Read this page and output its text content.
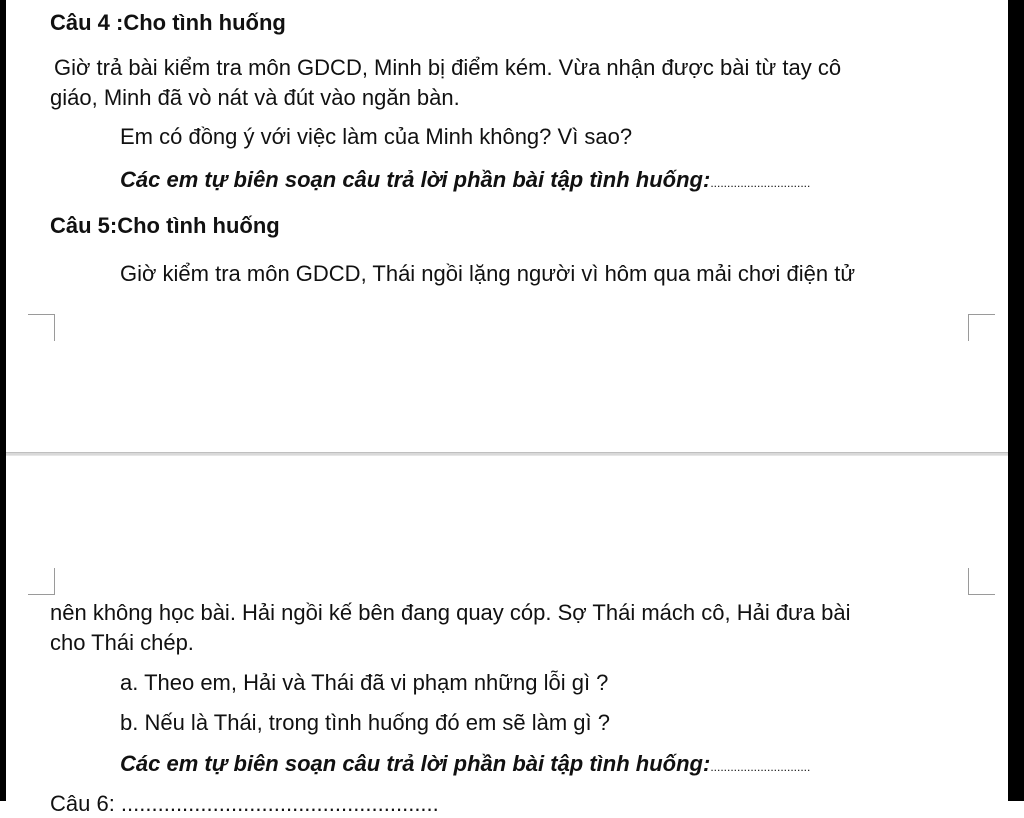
Câu 4 :Cho tình huống
Giờ trả bài kiểm tra môn GDCD, Minh bị điểm kém. Vừa nhận được bài từ tay cô
giáo, Minh đã vò nát và đút vào ngăn bàn.
Em có đồng ý với việc làm của Minh không? Vì sao?
Các em tự biên soạn câu trả lời phần bài tập tình huống:..............................
Câu 5:Cho tình huống
Giờ kiểm tra môn GDCD, Thái ngồi lặng người vì hôm qua mải chơi điện tử
nên không học bài. Hải ngồi kế bên đang quay cóp. Sợ Thái mách cô, Hải đưa bài
cho Thái chép.
a. Theo em, Hải và Thái đã vi phạm những lỗi gì ?
b. Nếu là Thái, trong tình huống đó em sẽ làm gì ?
Các em tự biên soạn câu trả lời phần bài tập tình huống:..............................
Câu 6: ....................................................
